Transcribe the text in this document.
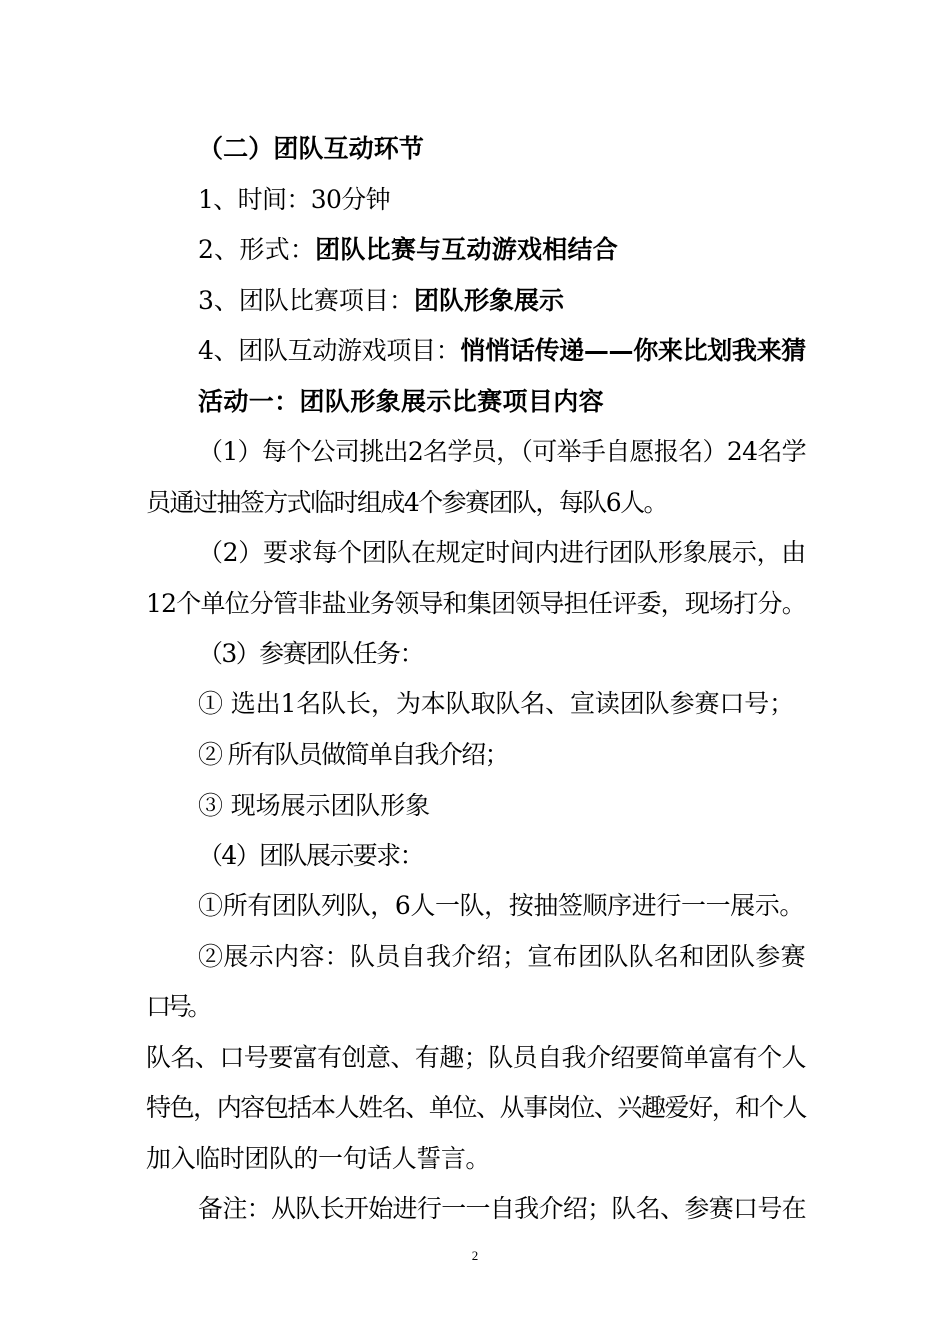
（二）团队互动环节
1、时间：30分钟
2、形式：团队比赛与互动游戏相结合
3、团队比赛项目：团队形象展示
4、团队互动游戏项目：悄悄话传递——你来比划我来猜
活动一：团队形象展示比赛项目内容
（1）每个公司挑出2名学员，（可举手自愿报名）24名学
员通过抽签方式临时组成4个参赛团队，每队6人。
（2）要求每个团队在规定时间内进行团队形象展示，由
12个单位分管非盐业务领导和集团领导担任评委，现场打分。
（3）参赛团队任务：
① 选出1名队长，为本队取队名、宣读团队参赛口号；
② 所有队员做简单自我介绍；
③ 现场展示团队形象
（4）团队展示要求：
①所有团队列队，6人一队，按抽签顺序进行一一展示。
②展示内容：队员自我介绍；宣布团队队名和团队参赛
口号。
队名、口号要富有创意、有趣；队员自我介绍要简单富有个人
特色，内容包括本人姓名、单位、从事岗位、兴趣爱好，和个人
加入临时团队的一句话人誓言。
备注：从队长开始进行一一自我介绍；队名、参赛口号在
2
